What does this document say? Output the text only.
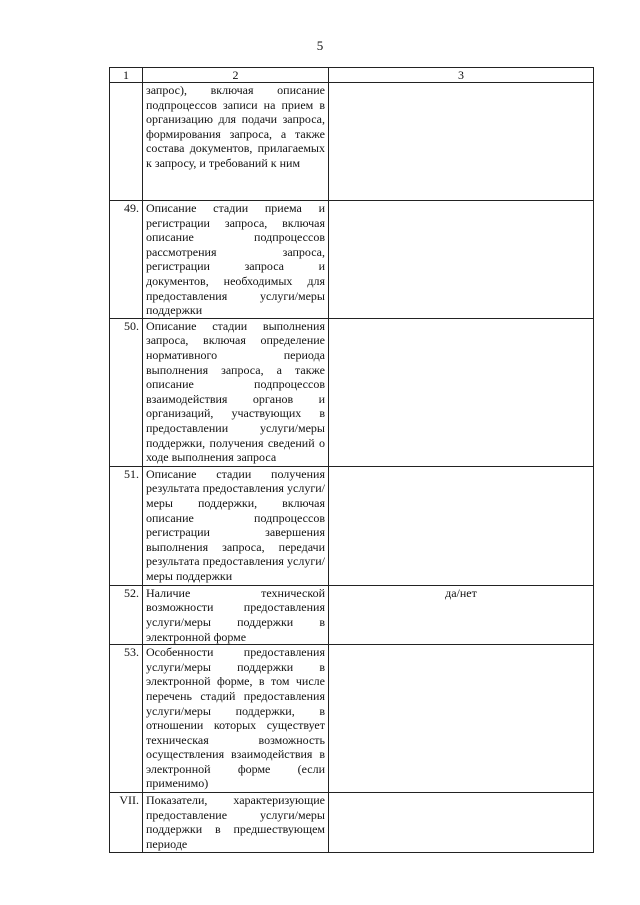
5
1	2	3
	запрос), включая описание подпроцессов записи на прием в организацию для подачи запроса, формирования запроса, а также состава документов, прилагаемых к запросу, и требований к ним	
49.	Описание стадии приема и регистрации запроса, включая описание подпроцессов рассмотрения запроса, регистрации запроса и документов, необходимых для предоставления услуги/меры поддержки	
50.	Описание стадии выполнения запроса, включая определение нормативного периода выполнения запроса, а также описание подпроцессов взаимодействия органов и организаций, участвующих в предоставлении услуги/меры поддержки, получения сведений о ходе выполнения запроса	
51.	Описание стадии получения результата предоставления услуги/меры поддержки, включая описание подпроцессов регистрации завершения выполнения запроса, передачи результата предоставления услуги/меры поддержки	
52.	Наличие технической возможности предоставления услуги/меры поддержки в электронной форме	да/нет
53.	Особенности предоставления услуги/меры поддержки в электронной форме, в том числе перечень стадий предоставления услуги/меры поддержки, в отношении которых существует техническая возможность осуществления взаимодействия в электронной форме (если применимо)	
VII.	Показатели, характеризующие предоставление услуги/меры поддержки в предшествующем периоде	
